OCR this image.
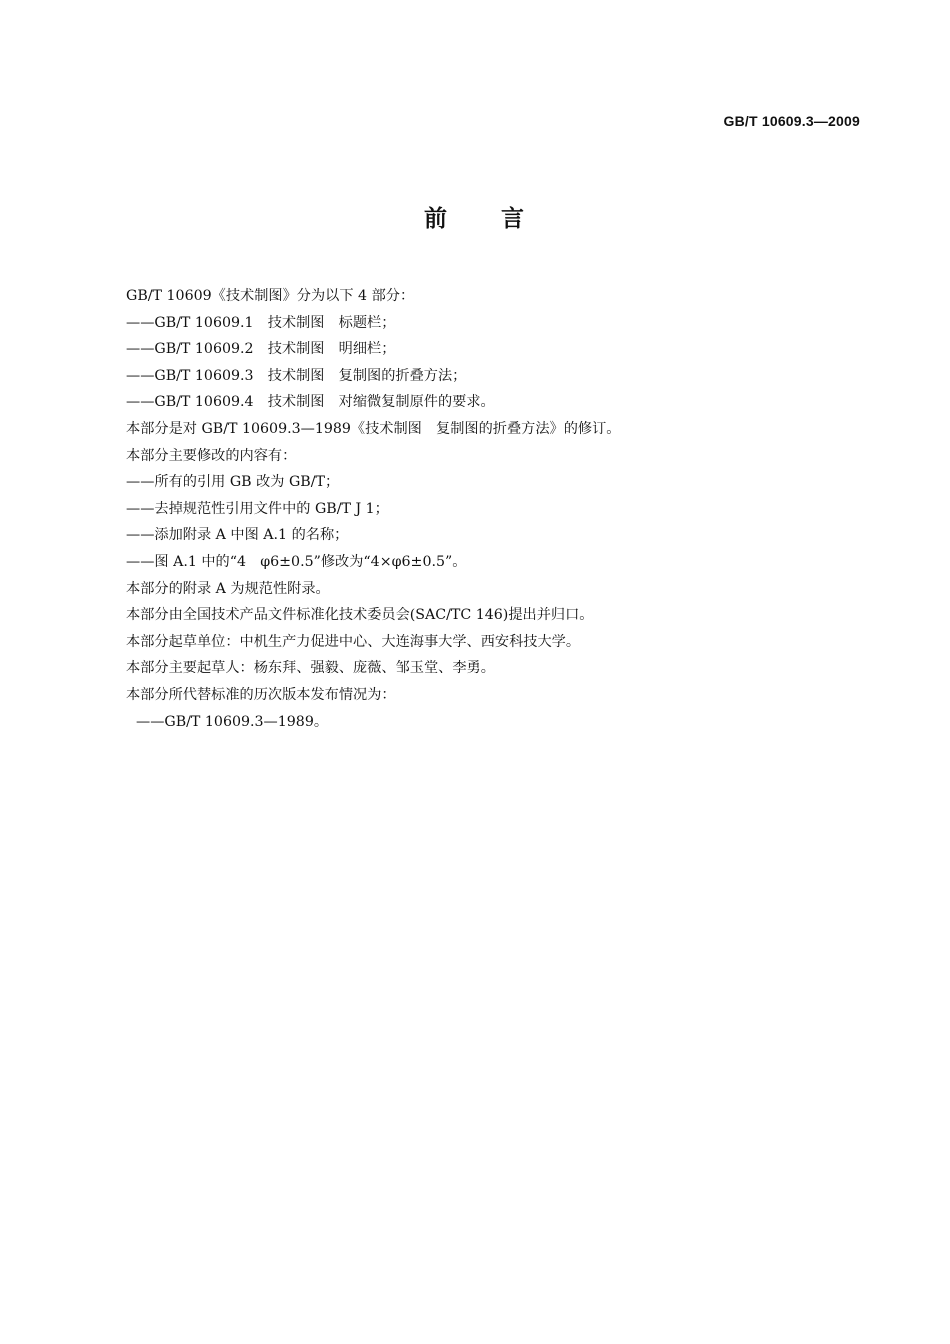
GB/T 10609.3—2009
前 言
GB/T 10609《技术制图》分为以下 4 部分：
——GB/T 10609.1　技术制图　标题栏；
——GB/T 10609.2　技术制图　明细栏；
——GB/T 10609.3　技术制图　复制图的折叠方法；
——GB/T 10609.4　技术制图　对缩微复制原件的要求。
本部分是对 GB/T 10609.3—1989《技术制图　复制图的折叠方法》的修订。
本部分主要修改的内容有：
——所有的引用 GB 改为 GB/T；
——去掉规范性引用文件中的 GB/T J 1；
——添加附录 A 中图 A.1 的名称；
——图 A.1 中的“4　φ6±0.5”修改为“4×φ6±0.5”。
本部分的附录 A 为规范性附录。
本部分由全国技术产品文件标准化技术委员会(SAC/TC 146)提出并归口。
本部分起草单位：中机生产力促进中心、大连海事大学、西安科技大学。
本部分主要起草人：杨东拜、强毅、庞薇、邹玉堂、李勇。
本部分所代替标准的历次版本发布情况为：
——GB/T 10609.3—1989。
